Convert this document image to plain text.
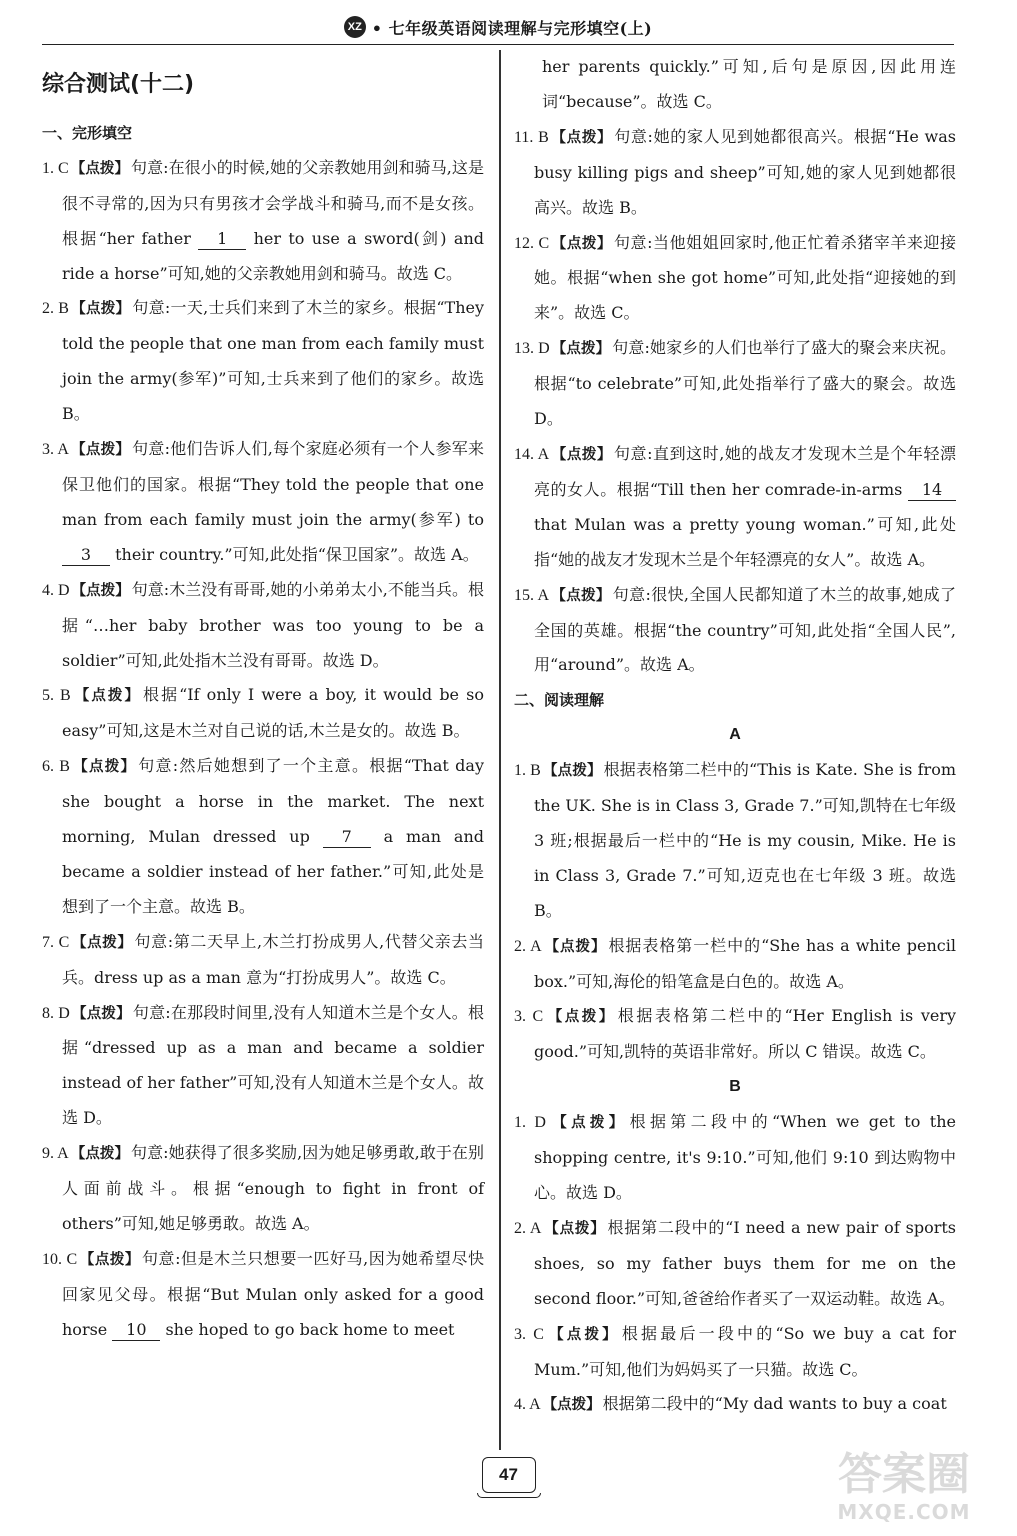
XZ • 七年级英语阅读理解与完形填空(上)
综合测试(十二)
一、完形填空
1. C 【点拨】 句意:在很小的时候,她的父亲教她用剑和骑马,这是很不寻常的,因为只有男孩才会学战斗和骑马,而不是女孩。根据“her father 1 her to use a sword(剑) and ride a horse”可知,她的父亲教她用剑和骑马。故选 C。
2. B 【点拨】 句意:一天,士兵们来到了木兰的家乡。根据“They told the people that one man from each family must join the army(参军)”可知,士兵来到了他们的家乡。故选 B。
3. A 【点拨】 句意:他们告诉人们,每个家庭必须有一个人参军来保卫他们的国家。根据“They told the people that one man from each family must join the army(参军) to 3 their country.”可知,此处指“保卫国家”。故选 A。
4. D 【点拨】 句意:木兰没有哥哥,她的小弟弟太小,不能当兵。根据“…her baby brother was too young to be a soldier”可知,此处指木兰没有哥哥。故选 D。
5. B 【点拨】 根据“If only I were a boy, it would be so easy”可知,这是木兰对自己说的话,木兰是女的。故选 B。
6. B 【点拨】 句意:然后她想到了一个主意。根据“That day she bought a horse in the market. The next morning, Mulan dressed up 7 a man and became a soldier instead of her father.”可知,此处是想到了一个主意。故选 B。
7. C 【点拨】 句意:第二天早上,木兰打扮成男人,代替父亲去当兵。dress up as a man 意为“打扮成男人”。故选 C。
8. D 【点拨】 句意:在那段时间里,没有人知道木兰是个女人。根据“dressed up as a man and became a soldier instead of her father”可知,没有人知道木兰是个女人。故选 D。
9. A 【点拨】 句意:她获得了很多奖励,因为她足够勇敢,敢于在别人面前战斗。根据“enough to fight in front of others”可知,她足够勇敢。故选 A。
10. C 【点拨】 句意:但是木兰只想要一匹好马,因为她希望尽快回家见父母。根据“But Mulan only asked for a good horse 10 she hoped to go back home to meet
her parents quickly.”可知,后句是原因,因此用连词“because”。故选 C。
11. B 【点拨】 句意:她的家人见到她都很高兴。根据“He was busy killing pigs and sheep”可知,她的家人见到她都很高兴。故选 B。
12. C 【点拨】 句意:当他姐姐回家时,他正忙着杀猪宰羊来迎接她。根据“when she got home”可知,此处指“迎接她的到来”。故选 C。
13. D 【点拨】 句意:她家乡的人们也举行了盛大的聚会来庆祝。根据“to celebrate”可知,此处指举行了盛大的聚会。故选 D。
14. A 【点拨】 句意:直到这时,她的战友才发现木兰是个年轻漂亮的女人。根据“Till then her comrade-in-arms 14 that Mulan was a pretty young woman.”可知,此处指“她的战友才发现木兰是个年轻漂亮的女人”。故选 A。
15. A 【点拨】 句意:很快,全国人民都知道了木兰的故事,她成了全国的英雄。根据“the country”可知,此处指“全国人民”,用“around”。故选 A。
二、阅读理解
A
1. B 【点拨】 根据表格第二栏中的“This is Kate. She is from the UK. She is in Class 3, Grade 7.”可知,凯特在七年级 3 班;根据最后一栏中的“He is my cousin, Mike. He is in Class 3, Grade 7.”可知,迈克也在七年级 3 班。故选 B。
2. A 【点拨】 根据表格第一栏中的“She has a white pencil box.”可知,海伦的铅笔盒是白色的。故选 A。
3. C 【点拨】 根据表格第二栏中的“Her English is very good.”可知,凯特的英语非常好。所以 C 错误。故选 C。
B
1. D 【点拨】 根据第二段中的“When we get to the shopping centre, it's 9:10.”可知,他们 9:10 到达购物中心。故选 D。
2. A 【点拨】 根据第二段中的“I need a new pair of sports shoes, so my father buys them for me on the second floor.”可知,爸爸给作者买了一双运动鞋。故选 A。
3. C 【点拨】 根据最后一段中的“So we buy a cat for Mum.”可知,他们为妈妈买了一只猫。故选 C。
4. A 【点拨】 根据第二段中的“My dad wants to buy a coat
47	答案圈
MXQE.COM
